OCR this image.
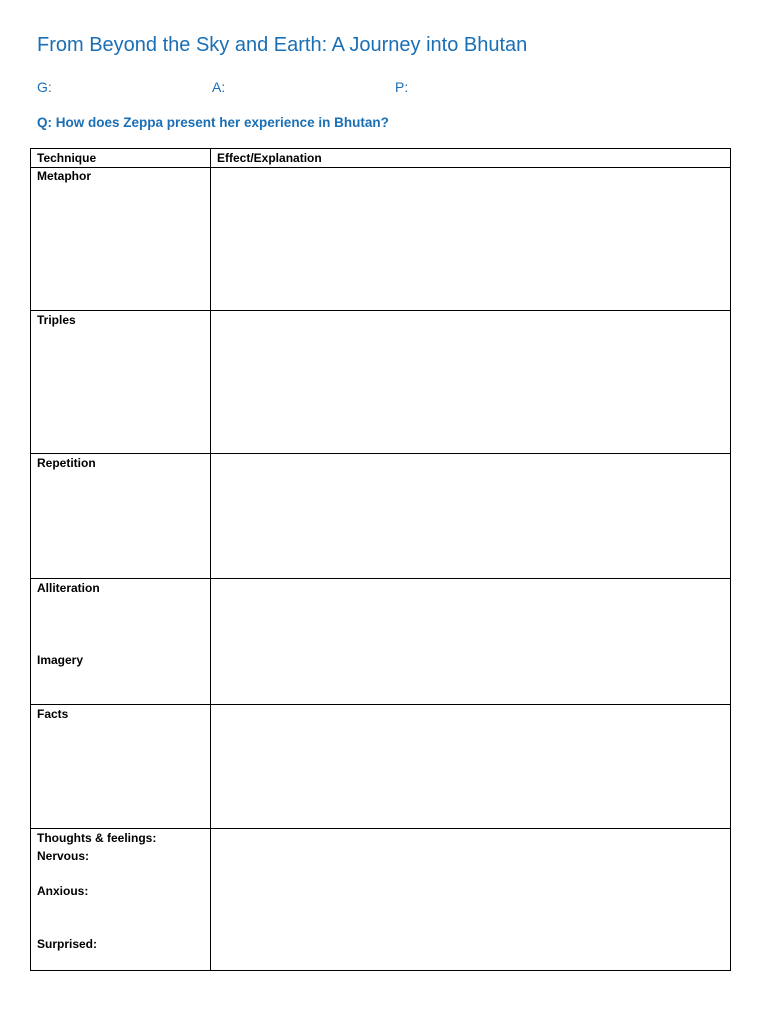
From Beyond the Sky and Earth: A Journey into Bhutan
G:	A:	P:
Q: How does Zeppa present her experience in Bhutan?
Technique	Effect/Explanation
Metaphor
Triples
Repetition
Alliteration
Imagery
Facts
Thoughts & feelings:
Nervous:
Anxious:
Surprised:
